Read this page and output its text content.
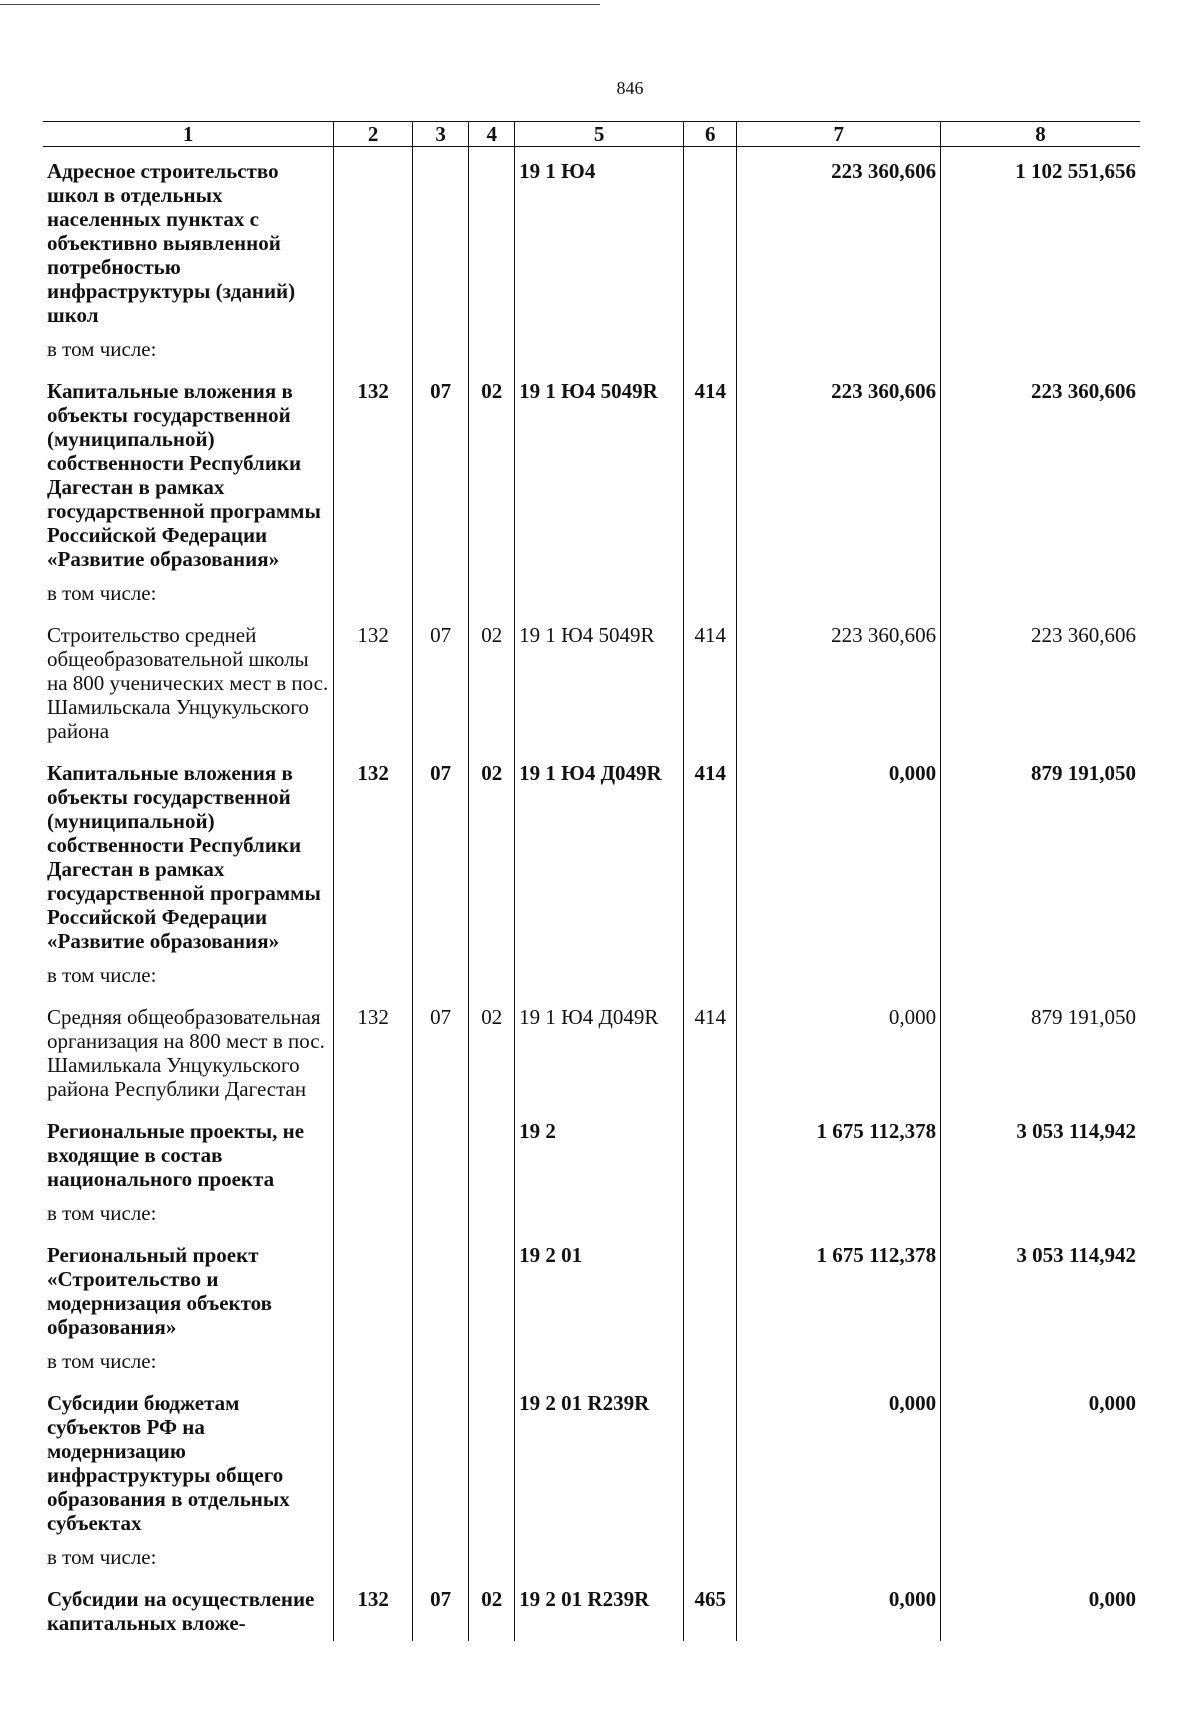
846
1	2	3	4	5	6	7	8
Адресное строительство школ в отдельных населенных пунктах с объективно выявленной потребностью инфраструктуры (зданий) школ				19 1 Ю4		223 360,606	1 102 551,656
в том числе:							
Капитальные вложения в объекты государственной (муниципальной) собственности Республики Дагестан в рамках государственной программы Российской Федерации «Развитие образования»	132	07	02	19 1 Ю4 5049R	414	223 360,606	223 360,606
в том числе:							
Строительство средней общеобразовательной школы на 800 ученических мест в пос. Шамильскала Унцукульского района	132	07	02	19 1 Ю4 5049R	414	223 360,606	223 360,606
Капитальные вложения в объекты государственной (муниципальной) собственности Республики Дагестан в рамках государственной программы Российской Федерации «Развитие образования»	132	07	02	19 1 Ю4 Д049R	414	0,000	879 191,050
в том числе:							
Средняя общеобразовательная организация на 800 мест в пос. Шамилькала Унцукульского района Республики Дагестан	132	07	02	19 1 Ю4 Д049R	414	0,000	879 191,050
Региональные проекты, не входящие в состав национального проекта				19 2		1 675 112,378	3 053 114,942
в том числе:							
Региональный проект «Строительство и модернизация объектов образования»				19 2 01		1 675 112,378	3 053 114,942
в том числе:							
Субсидии бюджетам субъектов РФ на модернизацию инфраструктуры общего образования в отдельных субъектах				19 2 01 R239R		0,000	0,000
в том числе:							
Субсидии на осуществление капитальных вложе-	132	07	02	19 2 01 R239R	465	0,000	0,000
